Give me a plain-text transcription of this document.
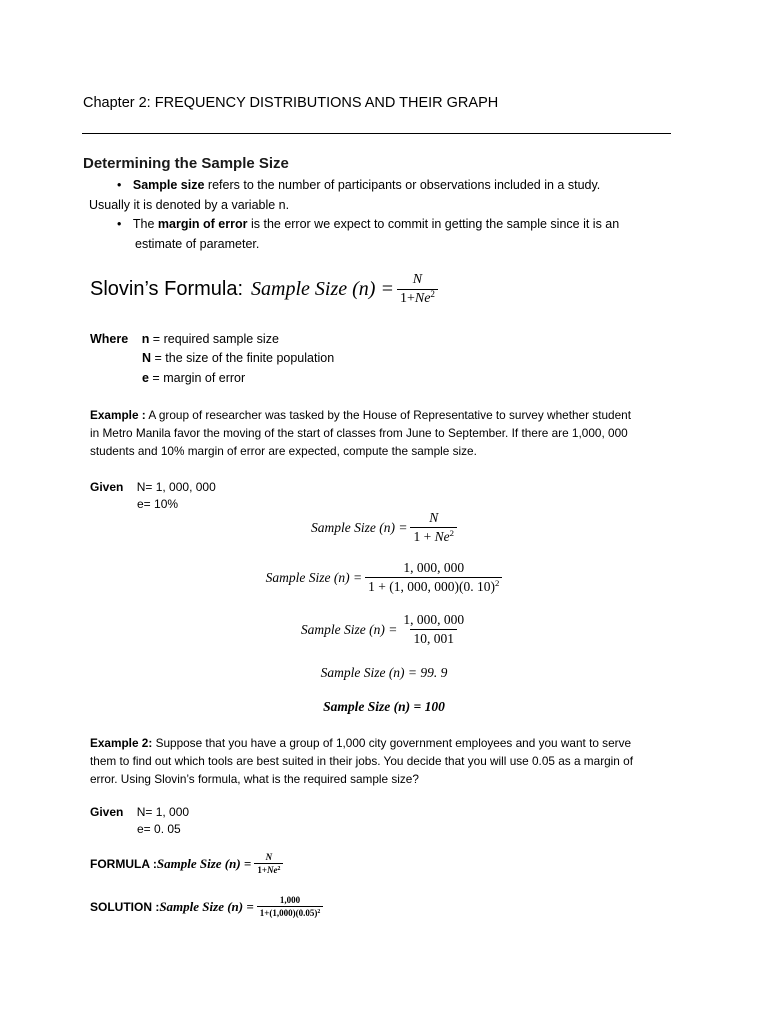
Chapter 2: FREQUENCY DISTRIBUTIONS AND THEIR GRAPH
Determining the Sample Size
• Sample size refers to the number of participants or observations included in a study.
Usually it is denoted by a variable n.
• The margin of error is the error we expect to commit in getting the sample since it is an
estimate of parameter.
Slovin’s Formula : Sample Size $(n) = \frac{N}{1+Ne^2}$
Where n = required sample size
N = the size of the finite population
e = margin of error
Example : A group of researcher was tasked by the House of Representative to survey whether student
in Metro Manila favor the moving of the start of classes from June to September. If there are 1,000, 000
students and 10% margin of error are expected, compute the sample size.
Given N= 1, 000, 000
e= 10%
Sample Size $(n) = \frac{N}{1 + Ne^2}$
Sample Size $(n) = \frac{1, 000, 000}{1 + (1, 000, 000)(0. 10)^2}$
Sample Size $(n) = \frac{1, 000, 000}{10, 001}$
Sample Size (n) = 99. 9
Sample Size (n) = 100
Example 2: Suppose that you have a group of 1,000 city government employees and you want to serve
them to find out which tools are best suited in their jobs. You decide that you will use 0.05 as a margin of
error. Using Slovin’s formula, what is the required sample size?
Given N= 1, 000
e= 0. 05
FORMULA : Sample Size $(n) = \frac{N}{1+Ne^2}$
SOLUTION : Sample Size $(n) = \frac{1,000}{1+(1,000)(0.05)^2}$
